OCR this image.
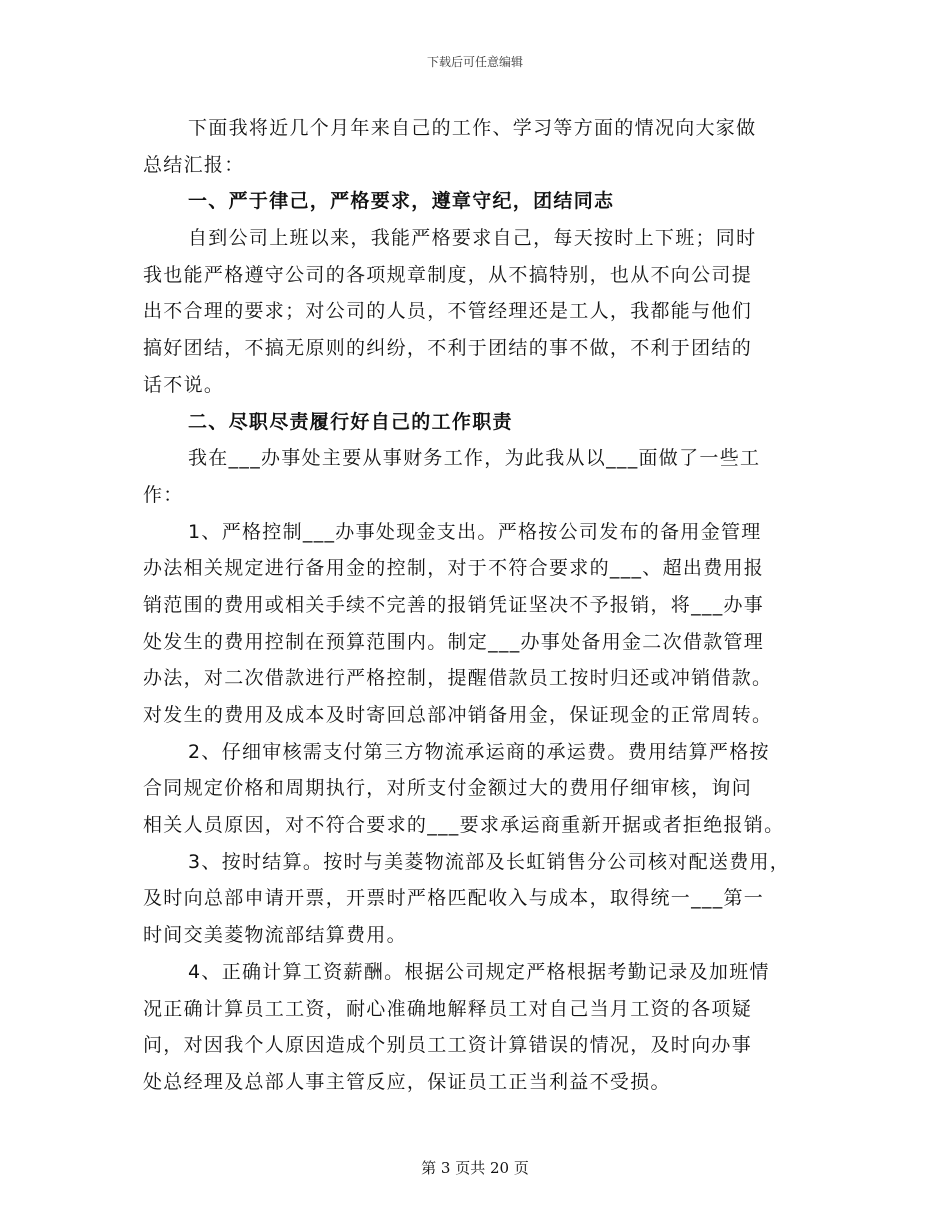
下载后可任意编辑
下面我将近几个月年来自己的工作、学习等方面的情况向大家做
总结汇报：
一、严于律己，严格要求，遵章守纪，团结同志
自到公司上班以来，我能严格要求自己，每天按时上下班；同时
我也能严格遵守公司的各项规章制度，从不搞特别，也从不向公司提
出不合理的要求；对公司的人员，不管经理还是工人，我都能与他们
搞好团结，不搞无原则的纠纷，不利于团结的事不做，不利于团结的
话不说。
二、尽职尽责履行好自己的工作职责
我在___办事处主要从事财务工作，为此我从以___面做了一些工
作：
1、严格控制___办事处现金支出。严格按公司发布的备用金管理
办法相关规定进行备用金的控制，对于不符合要求的___、超出费用报
销范围的费用或相关手续不完善的报销凭证坚决不予报销，将___办事
处发生的费用控制在预算范围内。制定___办事处备用金二次借款管理
办法，对二次借款进行严格控制，提醒借款员工按时归还或冲销借款。
对发生的费用及成本及时寄回总部冲销备用金，保证现金的正常周转。
2、仔细审核需支付第三方物流承运商的承运费。费用结算严格按
合同规定价格和周期执行，对所支付金额过大的费用仔细审核，询问
相关人员原因，对不符合要求的___要求承运商重新开据或者拒绝报销。
3、按时结算。按时与美菱物流部及长虹销售分公司核对配送费用，
及时向总部申请开票，开票时严格匹配收入与成本，取得统一___第一
时间交美菱物流部结算费用。
4、正确计算工资薪酬。根据公司规定严格根据考勤记录及加班情
况正确计算员工工资，耐心准确地解释员工对自己当月工资的各项疑
问，对因我个人原因造成个别员工工资计算错误的情况，及时向办事
处总经理及总部人事主管反应，保证员工正当利益不受损。
第 3 页共 20 页
